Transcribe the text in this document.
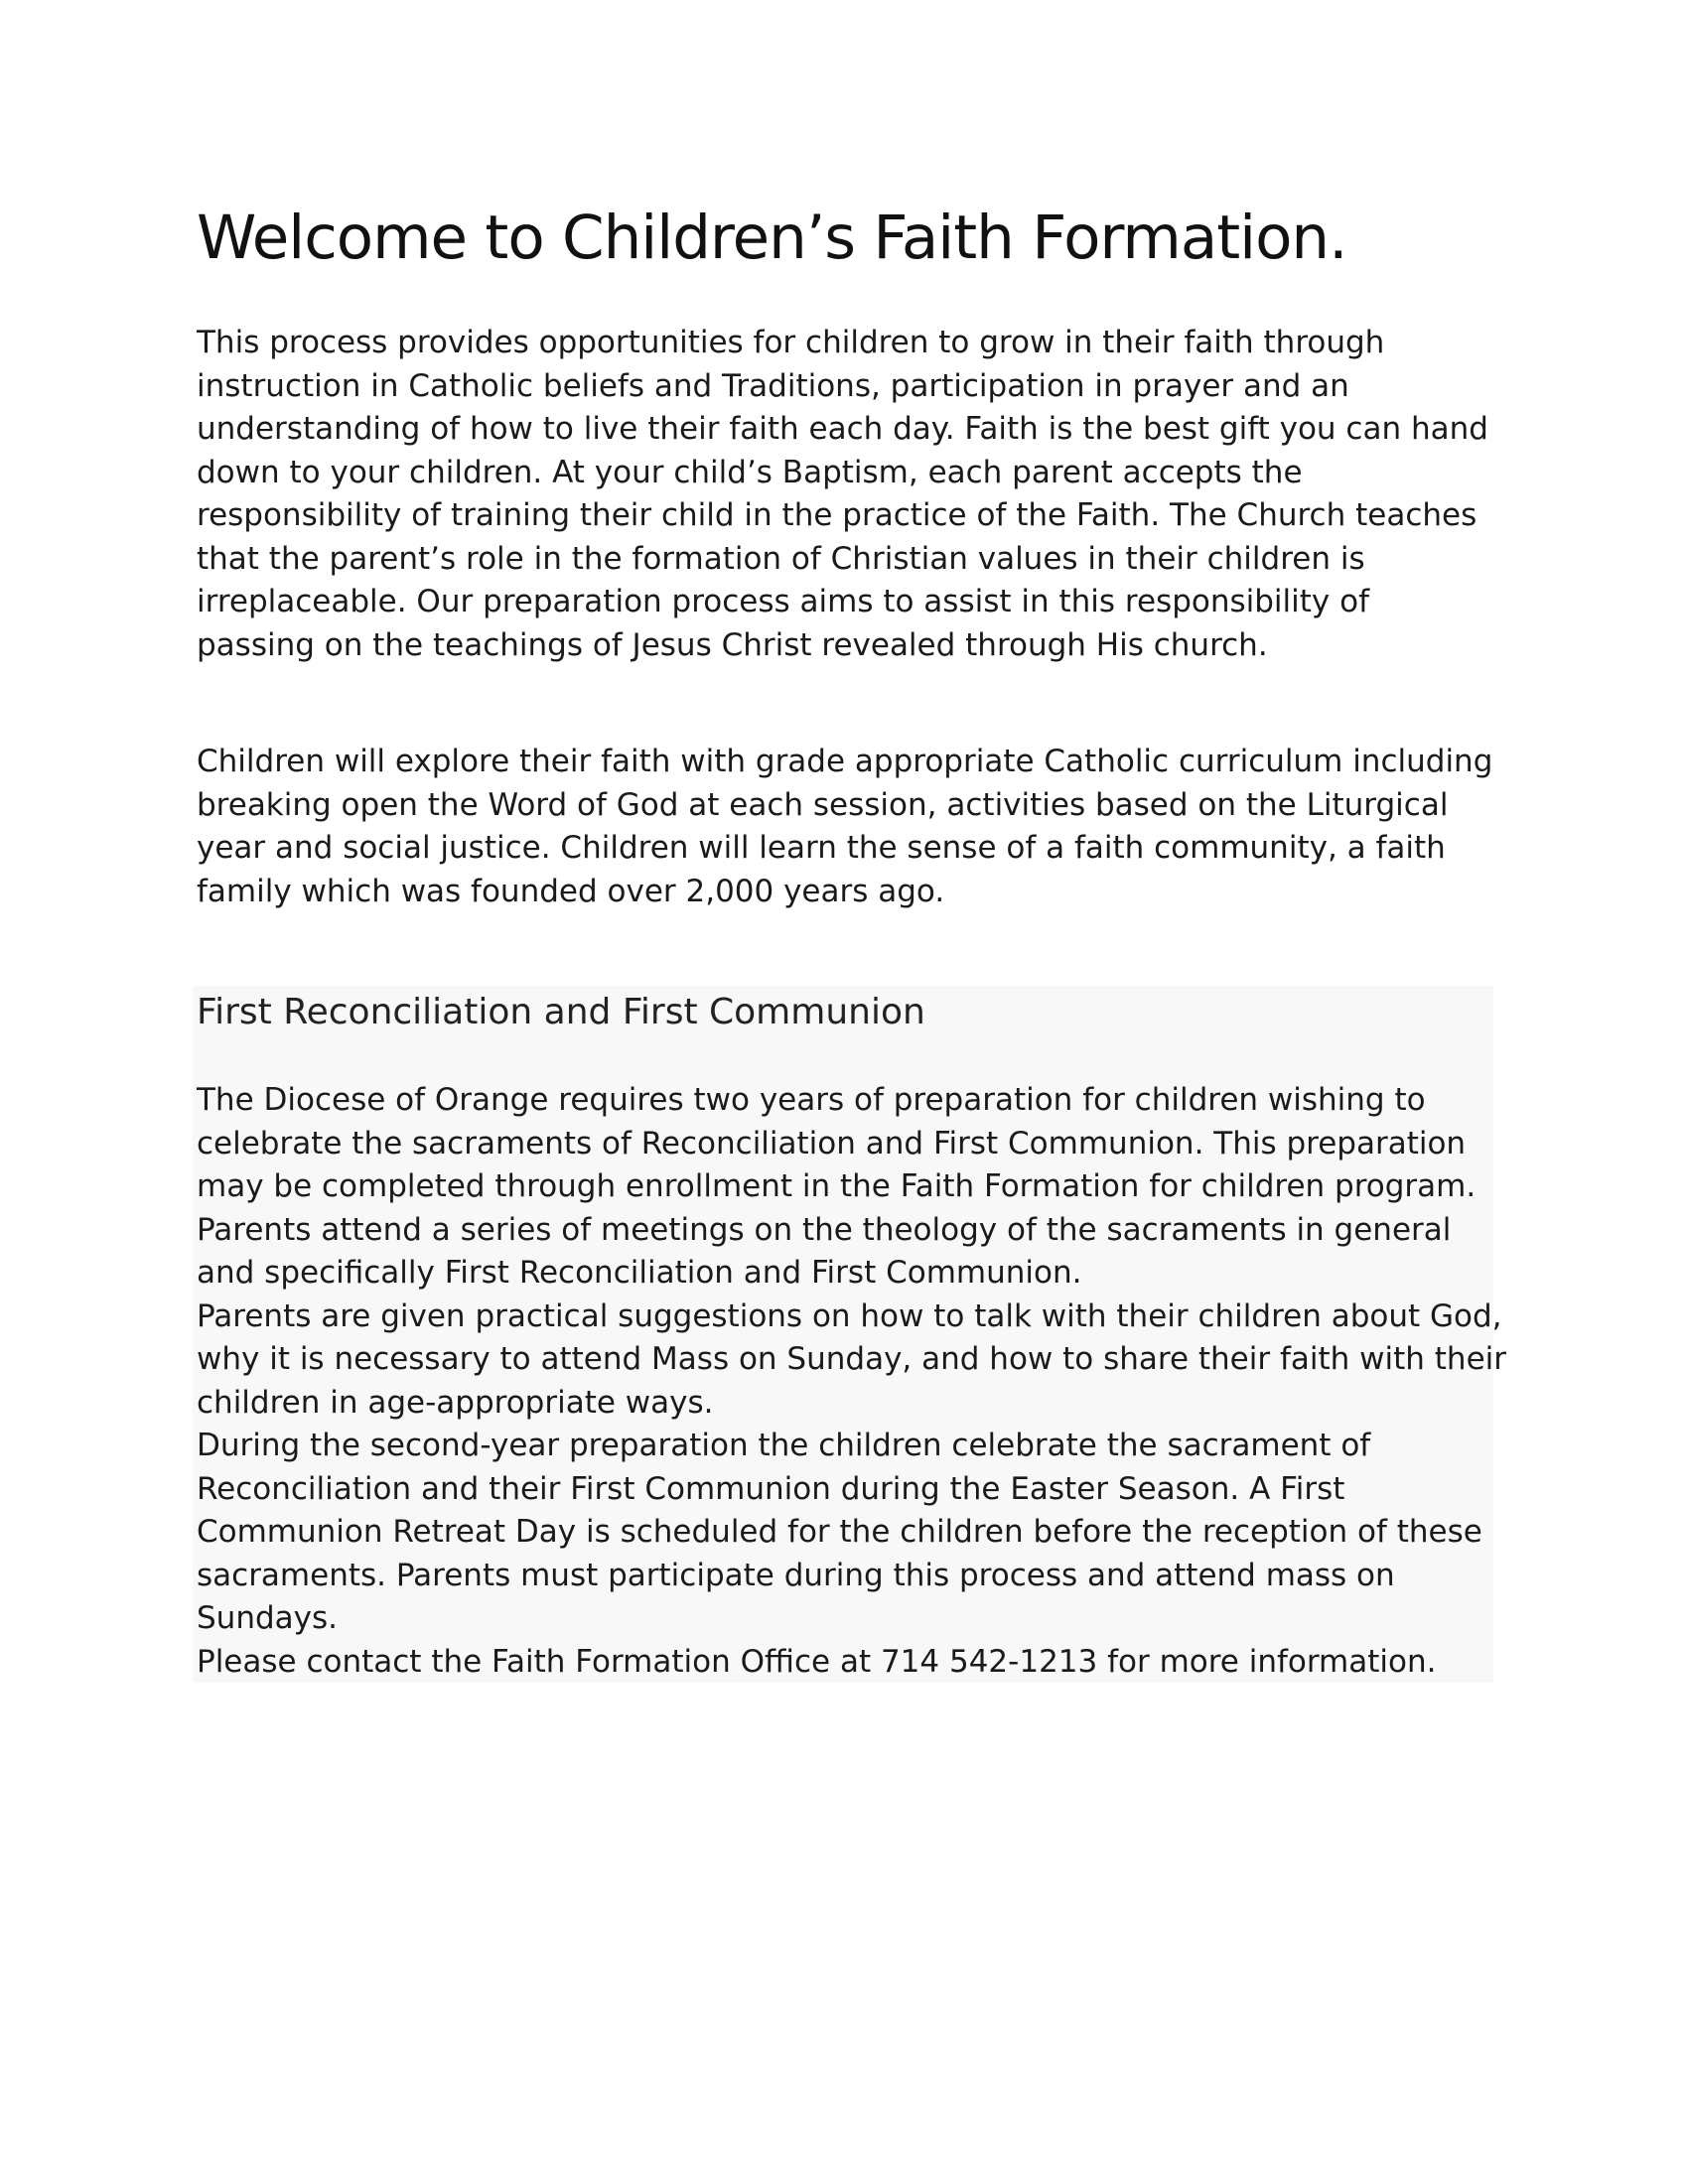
Welcome to Children’s Faith Formation.

This process provides opportunities for children to grow in their faith through
instruction in Catholic beliefs and Traditions, participation in prayer and an
understanding of how to live their faith each day. Faith is the best gift you can hand
down to your children. At your child’s Baptism, each parent accepts the
responsibility of training their child in the practice of the Faith. The Church teaches
that the parent’s role in the formation of Christian values in their children is
irreplaceable. Our preparation process aims to assist in this responsibility of
passing on the teachings of Jesus Christ revealed through His church.

Children will explore their faith with grade appropriate Catholic curriculum including
breaking open the Word of God at each session, activities based on the Liturgical
year and social justice. Children will learn the sense of a faith community, a faith
family which was founded over 2,000 years ago.

First Reconciliation and First Communion

The Diocese of Orange requires two years of preparation for children wishing to
celebrate the sacraments of Reconciliation and First Communion. This preparation
may be completed through enrollment in the Faith Formation for children program.
Parents attend a series of meetings on the theology of the sacraments in general
and specifically First Reconciliation and First Communion.
Parents are given practical suggestions on how to talk with their children about God,
why it is necessary to attend Mass on Sunday, and how to share their faith with their
children in age-appropriate ways.
During the second-year preparation the children celebrate the sacrament of
Reconciliation and their First Communion during the Easter Season. A First
Communion Retreat Day is scheduled for the children before the reception of these
sacraments. Parents must participate during this process and attend mass on
Sundays.
Please contact the Faith Formation Office at 714 542-1213 for more information.
